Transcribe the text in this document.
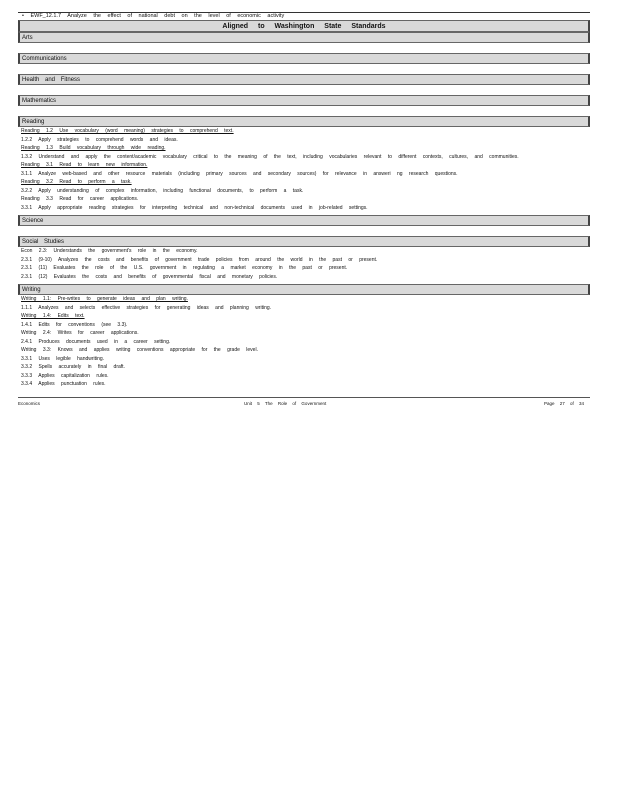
• EWF_12.1.7 Analyze the effect of national debt on the level of economic activity
Aligned to Washington State Standards
Arts
Communications
Health and Fitness
Mathematics
Reading
Reading 1.2 Use vocabulary (word meaning) strategies to comprehend text.
1.2.2 Apply strategies to comprehend words and ideas.
Reading 1.3 Build vocabulary through wide reading.
1.3.2 Understand and apply the content/academic vocabulary critical to the meaning of the text, including vocabularies relevant to different contexts, cultures, and communities.
Reading 3.1 Read to learn new information.
3.1.1 Analyze web-based and other resource materials (including primary sources and secondary sources) for relevance in answeri ng research questions.
Reading 3.2 Read to perform a task.
3.2.2 Apply understanding of complex information, including functional documents, to perform a task.
Reading 3.3 Read for career applications.
3.3.1 Apply appropriate reading strategies for interpreting technical and non-technical documents used in job-related settings.
Science
Social Studies
Econ 2.3: Understands the government's role in the economy.
2.3.1 (9-10) Analyzes the costs and benefits of government trade policies from around the world in the past or present.
2.3.1 (11) Evaluates the role of the U.S. government in regulating a market economy in the past or present.
2.3.1 (12) Evaluates the costs and benefits of governmental fiscal and monetary policies.
Writing
Writing 1.1: Pre-writes to generate ideas and plan writing.
1.1.1 Analyzes and selects effective strategies for generating ideas and planning writing.
Writing 1.4: Edits text.
1.4.1 Edits for conventions (see 3.3).
Writing 2.4: Writes for career applications.
2.4.1 Produces documents used in a career setting.
Writing 3.3: Knows and applies writing conventions appropriate for the grade level.
3.3.1 Uses legible handwriting.
3.3.2 Spells accurately in final draft.
3.3.3 Applies capitalization rules.
3.3.4 Applies punctuation rules.
Economics	Unit 5 The Role of Government	Page 27 of 34
